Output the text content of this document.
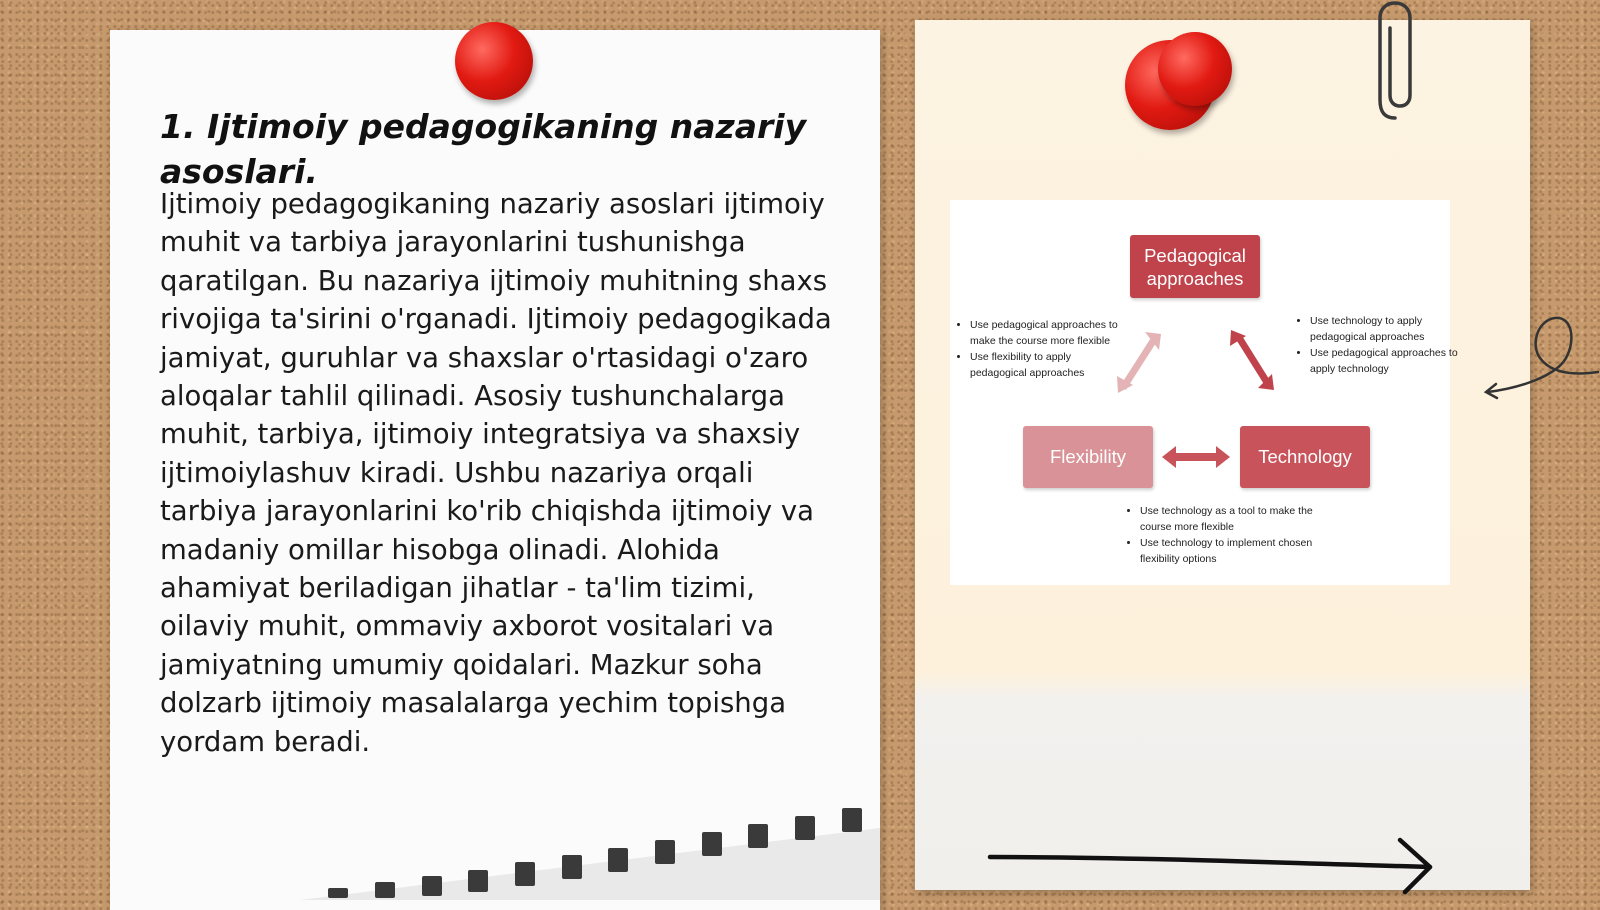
1. Ijtimoiy pedagogikaning nazariy asoslari.

Ijtimoiy pedagogikaning nazariy asoslari ijtimoiy muhit va tarbiya jarayonlarini tushunishga qaratilgan. Bu nazariya ijtimoiy muhitning shaxs rivojiga ta'sirini o'rganadi. Ijtimoiy pedagogikada jamiyat, guruhlar va shaxslar o'rtasidagi o'zaro aloqalar tahlil qilinadi. Asosiy tushunchalarga muhit, tarbiya, ijtimoiy integratsiya va shaxsiy ijtimoiylashuv kiradi. Ushbu nazariya orqali tarbiya jarayonlarini ko'rib chiqishda ijtimoiy va madaniy omillar hisobga olinadi. Alohida ahamiyat beriladigan jihatlar - ta'lim tizimi, oilaviy muhit, ommaviy axborot vositalari va jamiyatning umumiy qoidalari. Mazkur soha dolzarb ijtimoiy masalalarga yechim topishga yordam beradi.

Pedagogical approaches
Flexibility	Technology
• Use pedagogical approaches to make the course more flexible
• Use flexibility to apply pedagogical approaches
• Use technology to apply pedagogical approaches
• Use pedagogical approaches to apply technology
• Use technology as a tool to make the course more flexible
• Use technology to implement chosen flexibility options
